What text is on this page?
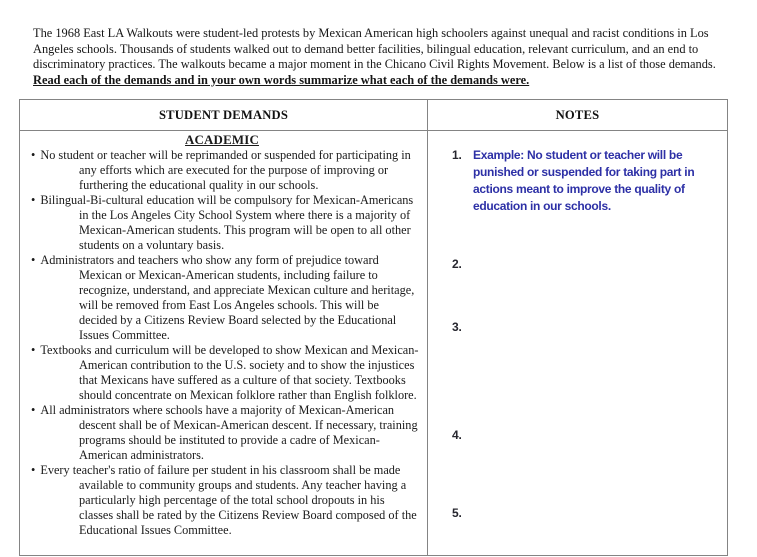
The 1968 East LA Walkouts were student-led protests by Mexican American high schoolers against unequal and racist conditions in Los Angeles schools. Thousands of students walked out to demand better facilities, bilingual education, relevant curriculum, and an end to discriminatory practices. The walkouts became a major moment in the Chicano Civil Rights Movement. Below is a list of those demands. Read each of the demands and in your own words summarize what each of the demands were.

STUDENT DEMANDS	NOTES
ACADEMIC
• No student or teacher will be reprimanded or suspended for participating in any efforts which are executed for the purpose of improving or furthering the educational quality in our schools.
• Bilingual-Bi-cultural education will be compulsory for Mexican-Americans in the Los Angeles City School System where there is a majority of Mexican-American students. This program will be open to all other students on a voluntary basis.
• Administrators and teachers who show any form of prejudice toward Mexican or Mexican-American students, including failure to recognize, understand, and appreciate Mexican culture and heritage, will be removed from East Los Angeles schools. This will be decided by a Citizens Review Board selected by the Educational Issues Committee.
• Textbooks and curriculum will be developed to show Mexican and Mexican-American contribution to the U.S. society and to show the injustices that Mexicans have suffered as a culture of that society. Textbooks should concentrate on Mexican folklore rather than English folklore.
• All administrators where schools have a majority of Mexican-American descent shall be of Mexican-American descent. If necessary, training programs should be instituted to provide a cadre of Mexican-American administrators.
• Every teacher's ratio of failure per student in his classroom shall be made available to community groups and students. Any teacher having a particularly high percentage of the total school dropouts in his classes shall be rated by the Citizens Review Board composed of the Educational Issues Committee.
1. Example: No student or teacher will be punished or suspended for taking part in actions meant to improve the quality of education in our schools.
2.
3.
4.
5.
